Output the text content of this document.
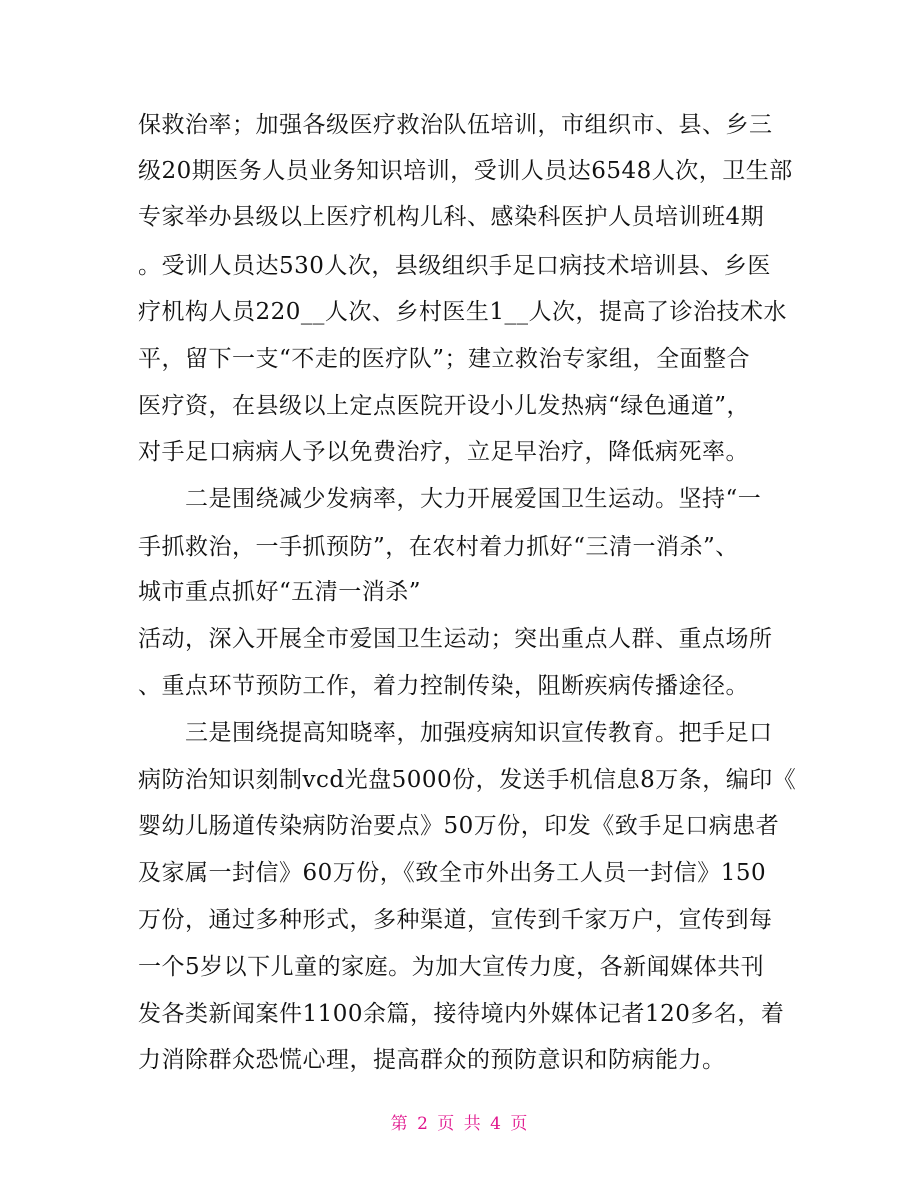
保救治率；加强各级医疗救治队伍培训，市组织市、县、乡三
级20期医务人员业务知识培训，受训人员达6548人次，卫生部
专家举办县级以上医疗机构儿科、感染科医护人员培训班4期
。受训人员达530人次，县级组织手足口病技术培训县、乡医
疗机构人员220__人次、乡村医生1__人次，提高了诊治技术水
平，留下一支“不走的医疗队”；建立救治专家组，全面整合
医疗资，在县级以上定点医院开设小儿发热病“绿色通道”，
对手足口病病人予以免费治疗，立足早治疗，降低病死率。
　　二是围绕减少发病率，大力开展爱国卫生运动。坚持“一
手抓救治，一手抓预防”，在农村着力抓好“三清一消杀”、
城市重点抓好“五清一消杀”
活动，深入开展全市爱国卫生运动；突出重点人群、重点场所
、重点环节预防工作，着力控制传染，阻断疾病传播途径。
　　三是围绕提高知晓率，加强疫病知识宣传教育。把手足口
病防治知识刻制vcd光盘5000份，发送手机信息8万条，编印《
婴幼儿肠道传染病防治要点》50万份，印发《致手足口病患者
及家属一封信》60万份，《致全市外出务工人员一封信》150
万份，通过多种形式，多种渠道，宣传到千家万户，宣传到每
一个5岁以下儿童的家庭。为加大宣传力度，各新闻媒体共刊
发各类新闻案件1100余篇，接待境内外媒体记者120多名，着
力消除群众恐慌心理，提高群众的预防意识和防病能力。
第 2 页 共 4 页
